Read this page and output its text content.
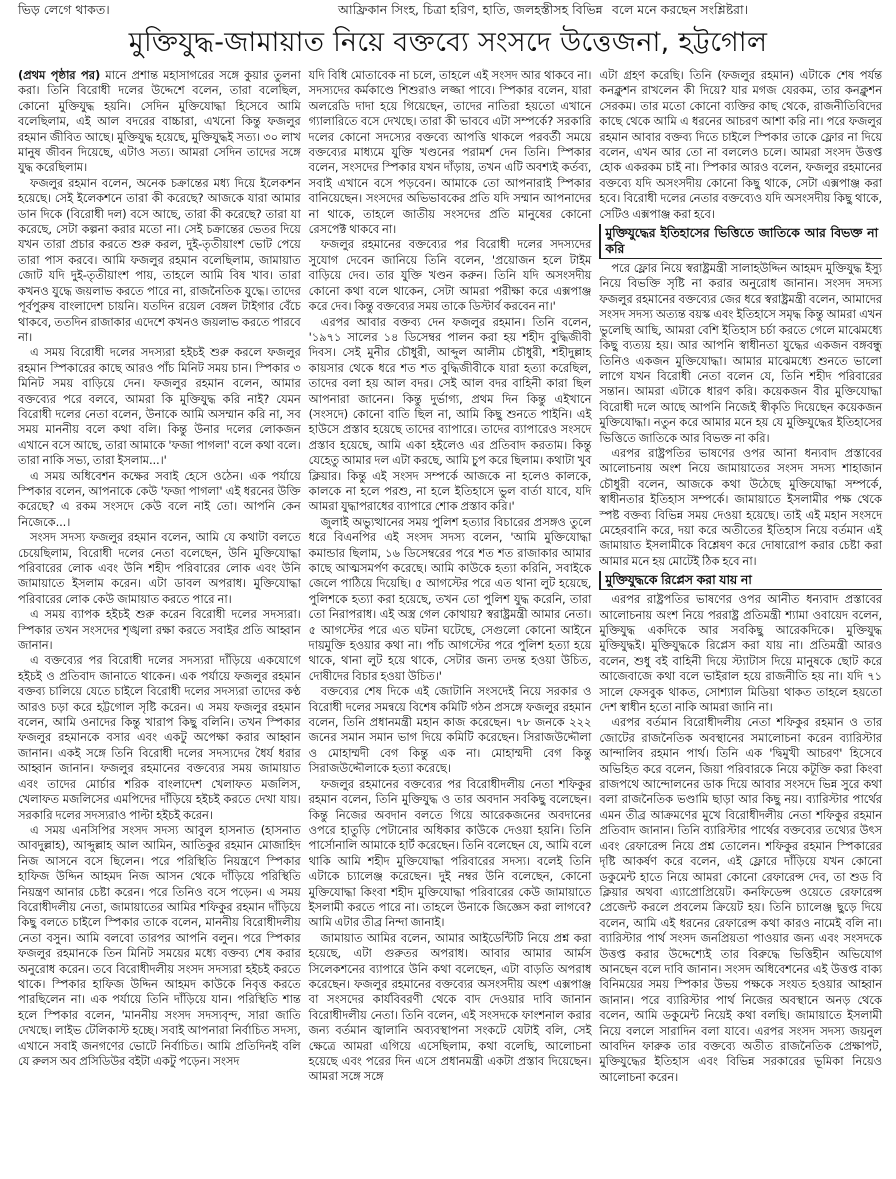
ভিড় লেগে থাকত।	আফ্রিকান সিংহ, চিত্রা হরিণ, হাতি, জলহস্তীসহ বিভিন্ন বলে মনে করছেন সংশ্লিষ্টরা।
মুক্তিযুদ্ধ-জামায়াত নিয়ে বক্তব্যে সংসদে উত্তেজনা, হট্টগোল

(প্রথম পৃষ্ঠার পর) মানে প্রশান্ত মহাসাগরের সঙ্গে কুয়ার তুলনা করা। তিনি বিরোধী দলের উদ্দেশে বলেন, তারা বলেছিল, কোনো মুক্তিযুদ্ধ হয়নি। সেদিন মুক্তিযোদ্ধা হিসেবে আমি বলেছিলাম, এই আল বদরের বাচ্চারা, এখনো কিন্তু ফজলুর রহমান জীবিত আছে। মুক্তিযুদ্ধ হয়েছে, মুক্তিযুদ্ধই সত্য। ৩০ লাখ মানুষ জীবন দিয়েছে, এটাও সত্য। আমরা সেদিন তাদের সঙ্গে যুদ্ধ করেছিলাম।

ফজলুর রহমান বলেন, অনেক চক্রান্তের মধ্য দিয়ে ইলেকশন হয়েছে। সেই ইলেকশনে তারা কী করেছে? আজকে যারা আমার ডান দিকে (বিরোধী দল) বসে আছে, তারা কী করেছে? তারা যা করেছে, সেটা কল্পনা করার মতো না। সেই চক্রান্তের ভেতর দিয়ে যখন তারা প্রচার করতে শুরু করল, দুই-তৃতীয়াংশ ভোট পেয়ে তারা পাস করবে। আমি ফজলুর রহমান বলেছিলাম, জামায়াত জোট যদি দুই-তৃতীয়াংশ পায়, তাহলে আমি বিষ খাব। তারা কখনও যুদ্ধে জয়লাভ করতে পারে না, রাজনৈতিক যুদ্ধে। তাদের পূর্বপুরুষ বাংলাদেশ চায়নি। যতদিন রয়েল বেঙ্গল টাইগার বেঁচে থাকবে, ততদিন রাজাকার এদেশে কখনও জয়লাভ করতে পারবে না।

এ সময় বিরোধী দলের সদস্যরা হইচই শুরু করলে ফজলুর রহমান স্পিকারের কাছে আরও পাঁচ মিনিট সময় চান। স্পিকার ৩ মিনিট সময় বাড়িয়ে দেন। ফজলুর রহমান বলেন, আমার বক্তব্যের পরে বলবে, আমরা কি মুক্তিযুদ্ধ করি নাই? যেমন বিরোধী দলের নেতা বলেন, উনাকে আমি অসম্মান করি না, সব সময় মাননীয় বলে কথা বলি। কিন্তু উনার দলের লোকজন এখানে বসে আছে, তারা আমাকে 'ফজা পাগলা' বলে কথা বলে। তারা নাকি সভ্য, তারা ইসলাম...।'

এ সময় অধিবেশন কক্ষের সবাই হেসে ওঠেন। এক পর্যায়ে স্পিকার বলেন, আপনাকে কেউ 'ফজা পাগলা' এই ধরনের উক্তি করেছে? এ রকম সংসদে কেউ বলে নাই তো। আপনি কেন নিজেকে...।

সংসদ সদস্য ফজলুর রহমান বলেন, আমি যে কথাটা বলতে চেয়েছিলাম, বিরোধী দলের নেতা বলেছেন, উনি মুক্তিযোদ্ধা পরিবারের লোক এবং উনি শহীদ পরিবারের লোক এবং উনি জামায়াতে ইসলাম করেন। এটা ডাবল অপরাধ। মুক্তিযোদ্ধা পরিবারের লোক কেউ জামায়াত করতে পারে না।

এ সময় ব্যাপক হইচই শুরু করেন বিরোধী দলের সদস্যরা। স্পিকার তখন সংসদের শৃঙ্খলা রক্ষা করতে সবাইর প্রতি আহ্বান জানান।

এ বক্তব্যের পর বিরোধী দলের সদস্যরা দাঁড়িয়ে একযোগে হইচই ও প্রতিবাদ জানাতে থাকেন। এক পর্যায়ে ফজলুর রহমান বক্তব্য চালিয়ে যেতে চাইলে বিরোধী দলের সদস্যরা তাদের কণ্ঠ আরও চড়া করে হট্টগোল সৃষ্টি করেন। এ সময় ফজলুর রহমান বলেন, আমি ওনাদের কিন্তু খারাপ কিছু বলিনি। তখন স্পিকার ফজলুর রহমানকে বসার এবং একটু অপেক্ষা করার আহ্বান জানান। একই সঙ্গে তিনি বিরোধী দলের সদস্যদের ধৈর্য ধরার আহ্বান জানান। ফজলুর রহমানের বক্তব্যের সময় জামায়াত এবং তাদের মোর্চার শরিক বাংলাদেশ খেলাফত মজলিস, খেলাফত মজলিসের এমপিদের দাঁড়িয়ে হইচই করতে দেখা যায়। সরকারি দলের সদস্যরাও পাল্টা হইচই করেন।

এ সময় এনসিপির সংসদ সদস্য আবুল হাসনাত (হাসনাত আবদুল্লাহ), আব্দুল্লাহ আল আমিন, আতিকুর রহমান মোজাহিদ নিজ আসনে বসে ছিলেন। পরে পরিস্থিতি নিয়ন্ত্রণে স্পিকার হাফিজ উদ্দিন আহমদ নিজ আসন থেকে দাঁড়িয়ে পরিস্থিতি নিয়ন্ত্রণ আনার চেষ্টা করেন। পরে তিনিও বসে পড়েন। এ সময় বিরোধীদলীয় নেতা, জামায়াতের আমির শফিকুর রহমান দাঁড়িয়ে কিছু বলতে চাইলে স্পিকার তাকে বলেন, মাননীয় বিরোধীদলীয় নেতা বসুন। আমি বলবো তারপর আপনি বলুন। পরে স্পিকার ফজলুর রহমানকে তিন মিনিট সময়ের মধ্যে বক্তব্য শেষ করার অনুরোধ করেন। তবে বিরোধীদলীয় সংসদ সদস্যরা হইচই করতে থাকে। স্পিকার হাফিজ উদ্দিন আহমদ কাউকে নিবৃত্ত করতে পারছিলেন না। এক পর্যায়ে তিনি দাঁড়িয়ে যান। পরিস্থিতি শান্ত হলে স্পিকার বলেন, 'মাননীয় সংসদ সদস্যবৃন্দ, সারা জাতি দেখছে। লাইভ টেলিকাস্ট হচ্ছে। সবাই আপনারা নির্বাচিত সদস্য, এখানে সবাই জনগণের ভোটে নির্বাচিত। আমি প্রতিদিনই বলি যে রুলস অব প্রসিডিউর বইটা একটু পড়েন। সংসদ

যদি বিধি মোতাবেক না চলে, তাহলে এই সংসদ আর থাকবে না। সদস্যদের কর্মকাণ্ডে শিশুরাও লজ্জা পাবে। স্পিকার বলেন, যারা অলরেডি দাদা হয়ে গিয়েছেন, তাদের নাতিরা হয়তো এখানে গ্যালারিতে বসে দেখছে। তারা কী ভাববে এটা সম্পর্কে? সরকারি দলের কোনো সদস্যের বক্তব্যে আপত্তি থাকলে পরবর্তী সময়ে বক্তব্যের মাধ্যমে যুক্তি খণ্ডনের পরামর্শ দেন তিনি। স্পিকার বলেন, সংসদের স্পিকার যখন দাঁড়ায়, তখন এটি অবশ্যই কর্তব্য, সবাই এখানে বসে পড়বেন। আমাকে তো আপনারাই স্পিকার বানিয়েছেন। সংসদের অভিভাবকের প্রতি যদি সম্মান আপনাদের না থাকে, তাহলে জাতীয় সংসদের প্রতি মানুষের কোনো রেসপেক্ট থাকবে না।

ফজলুর রহমানের বক্তব্যের পর বিরোধী দলের সদস্যদের সুযোগ দেবেন জানিয়ে তিনি বলেন, 'প্রয়োজন হলে টাইম বাড়িয়ে দেব। তার যুক্তি খণ্ডন করুন। তিনি যদি অসংসদীয় কোনো কথা বলে থাকেন, সেটা আমরা পরীক্ষা করে এক্সপাঞ্জ করে দেব। কিন্তু বক্তব্যের সময় তাকে ডিস্টার্ব করবেন না।'

এরপর আবার বক্তব্য দেন ফজলুর রহমান। তিনি বলেন, '১৯৭১ সালের ১৪ ডিসেম্বর পালন করা হয় শহীদ বুদ্ধিজীবী দিবস। সেই মুনীর চৌধুরী, আব্দুল আলীম চৌধুরী, শহীদুল্লাহ কায়সার থেকে ধরে শত শত বুদ্ধিজীবীকে যারা হত্যা করেছিল, তাদের বলা হয় আল বদর। সেই আল বদর বাহিনী কারা ছিল আপনারা জানেন। কিন্তু দুর্ভাগ্য, প্রথম দিন কিন্তু এইখানে (সংসদে) কোনো বাতি ছিল না, আমি কিছু শুনতে পাইনি। এই হাউসে প্রস্তাব হয়েছে তাদের ব্যাপারে। তাদের ব্যাপারেও সংসদে প্রস্তাব হয়েছে, আমি একা হইলেও এর প্রতিবাদ করতাম। কিন্তু যেহেতু আমার দল এটা করছে, আমি চুপ করে ছিলাম। কথাটা খুব ক্লিয়ার। কিন্তু এই সংসদ সম্পর্কে আজকে না হলেও কালকে, কালকে না হলে পরশু, না হলে ইতিহাসে ভুল বার্তা যাবে, যদি আমরা যুদ্ধাপরাধের ব্যাপারে শোক প্রস্তাব করি।'

জুলাই অভ্যুত্থানের সময় পুলিশ হত্যার বিচারের প্রসঙ্গও তুলে ধরে বিএনপির এই সংসদ সদস্য বলেন, 'আমি মুক্তিযোদ্ধা কমান্ডার ছিলাম, ১৬ ডিসেম্বরের পরে শত শত রাজাকার আমার কাছে আত্মসমর্পণ করেছে। আমি কাউকে হত্যা করিনি, সবাইকে জেলে পাঠিয়ে দিয়েছি। ৫ আগস্টের পরে এত থানা লুট হয়েছে, পুলিশকে হত্যা করা হয়েছে, তখন তো পুলিশ যুদ্ধ করেনি, তারা তো নিরাপরাধ। এই অস্ত্র গেল কোথায়? স্বরাষ্ট্রমন্ত্রী আমার নেতা। ৫ আগস্টের পরে এত ঘটনা ঘটেছে, সেগুলো কোনো আইনে দায়মুক্তি হওয়ার কথা না। পাঁচ আগস্টের পরে পুলিশ হত্যা হয়ে থাকে, থানা লুট হয়ে থাকে, সেটার জন্য তদন্ত হওয়া উচিত, দোষীদের বিচার হওয়া উচিত।'

বক্তব্যের শেষ দিকে এই জোটানি সংসদেই নিয়ে সরকার ও বিরোধী দলের সমন্বয়ে বিশেষ কমিটি গঠন প্রসঙ্গে ফজলুর রহমান বলেন, তিনি প্রধানমন্ত্রী মহান কাজ করেছেন। ৭৮ জনকে ২২২ জনের সমান সমান ভাগ দিয়ে কমিটি করেছেন। সিরাজউদ্দৌলা ও মোহাম্মদী বেগ কিন্তু এক না। মোহাম্মদী বেগ কিন্তু সিরাজউদ্দৌলাকে হত্যা করেছে।

ফজলুর রহমানের বক্তব্যের পর বিরোধীদলীয় নেতা শফিকুর রহমান বলেন, তিনি মুক্তিযুদ্ধ ও তার অবদান সবকিছু বলেছেন। কিন্তু নিজের অবদান বলতে গিয়ে আরেকজনের অবদানের ওপরে হাতুড়ি পেটানোর অধিকার কাউকে দেওয়া হয়নি। তিনি পার্সোনালি আমাকে হার্ট করেছেন। তিনি বলেছেন যে, আমি বলে থাকি আমি শহীদ মুক্তিযোদ্ধা পরিবারের সদস্য। বলেই তিনি এটাকে চ্যালেঞ্জ করেছেন। দুই নম্বর উনি বলেছেন, কোনো মুক্তিযোদ্ধা কিংবা শহীদ মুক্তিযোদ্ধা পরিবারের কেউ জামায়াতে ইসলামী করতে পারে না। তাহলে উনাকে জিজ্ঞেস করা লাগবে? আমি এটার তীব্র নিন্দা জানাই।

জামায়াত আমির বলেন, আমার আইডেন্টিটি নিয়ে প্রশ্ন করা হয়েছে, এটা গুরুতর অপরাধ। আবার আমার আর্মস সিলেকশনের ব্যাপারে উনি কথা বলেছেন, এটা বাড়তি অপরাধ করেছেন। ফজলুর রহমানের বক্তব্যের অসংসদীয় অংশ এক্সপাঞ্জ বা সংসদের কার্যবিবরণী থেকে বাদ দেওয়ার দাবি জানান বিরোধীদলীয় নেতা। তিনি বলেন, এই সংসদকে ফাংশনাল করার জন্য বর্তমান জ্বালানি অব্যবস্থাপনা সংকটে যেটাই বলি, সেই ক্ষেত্রে আমরা এগিয়ে এসেছিলাম, কথা বলেছি, আলোচনা হয়েছে এবং পরের দিন এসে প্রধানমন্ত্রী একটা প্রস্তাব দিয়েছেন। আমরা সঙ্গে সঙ্গে

এটা গ্রহণ করেছি। তিনি (ফজলুর রহমান) এটাকে শেষ পর্যন্ত কনক্লুশন রাখলেন কী দিয়ে? যার মগজ যেরকম, তার কনক্লুশন সেরকম। তার মতো কোনো ব্যক্তির কাছ থেকে, রাজনীতিবিদের কাছে থেকে আমি এ ধরনের আচরণ আশা করি না। পরে ফজলুর রহমান আবার বক্তব্য দিতে চাইলে স্পিকার তাকে ফ্লোর না দিয়ে বলেন, এখন আর তো না বললেও চলে। আমরা সংসদ উত্তপ্ত হোক একরকম চাই না। স্পিকার আরও বলেন, ফজলুর রহমানের বক্তব্যে যদি অসংসদীয় কোনো কিছু থাকে, সেটা এক্সপাঞ্জ করা হবে। বিরোধী দলের নেতার বক্তব্যেও যদি অসংসদীয় কিছু থাকে, সেটিও এক্সপাঞ্জ করা হবে।

মুক্তিযুদ্ধের ইতিহাসের ভিত্তিতে জাতিকে আর বিভক্ত না করি

পরে ফ্লোর নিয়ে স্বরাষ্ট্রমন্ত্রী সালাহউদ্দিন আহমদ মুক্তিযুদ্ধ ইস্যু নিয়ে বিভক্তি সৃষ্টি না করার অনুরোধ জানান। সংসদ সদস্য ফজলুর রহমানের বক্তব্যের জের ধরে স্বরাষ্ট্রমন্ত্রী বলেন, আমাদের সংসদ সদস্য অত্যন্ত বয়স্ক এবং ইতিহাসে সমৃদ্ধ কিন্তু আমরা এখন ভুলেছি আছি, আমরা বেশি ইতিহাস চর্চা করতে গেলে মাঝেমধ্যে কিছু ব্যত্যয় হয়। আর আপনি স্বাধীনতা যুদ্ধের একজন বঙ্গবন্ধু তিনিও একজন মুক্তিযোদ্ধা। আমার মাঝেমধ্যে শুনতে ভালো লাগে যখন বিরোধী নেতা বলেন যে, তিনি শহীদ পরিবারের সন্তান। আমরা এটাকে ধারণ করি। কয়েকজন বীর মুক্তিযোদ্ধা বিরোধী দলে আছে আপনি নিজেই স্বীকৃতি দিয়েছেন কয়েকজন মুক্তিযোদ্ধা। নতুন করে আমার মনে হয় যে মুক্তিযুদ্ধের ইতিহাসের ভিত্তিতে জাতিকে আর বিভক্ত না করি।

এরপর রাষ্ট্রপতির ভাষণের ওপর আনা ধন্যবাদ প্রস্তাবের আলোচনায় অংশ নিয়ে জামায়াতের সংসদ সদস্য শাহাজান চৌধুরী বলেন, আজকে কথা উঠেছে মুক্তিযোদ্ধা সম্পর্কে, স্বাধীনতার ইতিহাস সম্পর্কে। জামায়াতে ইসলামীর পক্ষ থেকে স্পষ্ট বক্তব্য বিভিন্ন সময় দেওয়া হয়েছে। তাই এই মহান সংসদে মেহেরবানি করে, দয়া করে অতীতের ইতিহাস নিয়ে বর্তমান এই জামায়াত ইসলামীকে বিশ্লেষণ করে দোষারোপ করার চেষ্টা করা আমার মনে হয় মোটেই ঠিক হবে না।

মুক্তিযুদ্ধকে রিপ্লেস করা যায় না

এরপর রাষ্ট্রপতির ভাষণের ওপর আনীত ধন্যবাদ প্রস্তাবের আলোচনায় অংশ নিয়ে পররাষ্ট্র প্রতিমন্ত্রী শ্যামা ওবায়েদ বলেন, মুক্তিযুদ্ধ একদিকে আর সবকিছু আরেকদিকে। মুক্তিযুদ্ধ মুক্তিযুদ্ধই। মুক্তিযুদ্ধকে রিপ্লেস করা যায় না। প্রতিমন্ত্রী আরও বলেন, শুধু বই বাহিনী দিয়ে স্ট্যাটাস দিয়ে মানুষকে ছোট করে আজেবাজে কথা বলে ভাইরাল হয়ে রাজনীতি হয় না। যদি ৭১ সালে ফেসবুক থাকত, সোশ্যাল মিডিয়া থাকত তাহলে হয়তো দেশ স্বাধীন হতো নাকি আমরা জানি না।

এরপর বর্তমান বিরোধীদলীয় নেতা শফিকুর রহমান ও তার জোটের রাজনৈতিক অবস্থানের সমালোচনা করেন ব্যারিস্টার আন্দালিব রহমান পার্থ। তিনি এক 'দ্বিমুখী আচরণ' হিসেবে অভিহিত করে বলেন, জিয়া পরিবারকে নিয়ে কটূক্তি করা কিংবা রাজপথে আন্দোলনের ডাক দিয়ে আবার সংসদে ভিন্ন সুরে কথা বলা রাজনৈতিক ভণ্ডামি ছাড়া আর কিছু নয়। ব্যারিস্টার পার্থের এমন তীব্র আক্রমণের মুখে বিরোধীদলীয় নেতা শফিকুর রহমান প্রতিবাদ জানান। তিনি ব্যারিস্টার পার্থের বক্তব্যের তথ্যের উৎস এবং রেফারেন্স নিয়ে প্রশ্ন তোলেন। শফিকুর রহমান স্পিকারের দৃষ্টি আকর্ষণ করে বলেন, এই ফ্লোরে দাঁড়িয়ে যখন কোনো ডকুমেন্ট হাতে নিয়ে আমরা কোনো রেফারেন্স দেব, তা শুড বি ক্লিয়ার অথবা এ্যাপ্রোপ্রিয়েট। কনফিডেন্স ওয়েতে রেফারেন্স প্রেজেন্ট করলে প্রবলেম ক্রিয়েট হয়। তিনি চ্যালেঞ্জ ছুড়ে দিয়ে বলেন, আমি এই ধরনের রেফারেন্স কথা কারও নামেই বলি না। ব্যারিস্টার পার্থ সংসদ জনপ্রিয়তা পাওয়ার জন্য এবং সংসদকে উত্তপ্ত করার উদ্দেশ্যেই তার বিরুদ্ধে ভিত্তিহীন অভিযোগ আনছেন বলে দাবি জানান। সংসদ অধিবেশনের এই উত্তপ্ত বাক্য বিনিময়ের সময় স্পিকার উভয় পক্ষকে সংযত হওয়ার আহ্বান জানান। পরে ব্যারিস্টার পার্থ নিজের অবস্থানে অনড় থেকে বলেন, আমি ডকুমেন্ট নিয়েই কথা বলছি। জামায়াতে ইসলামী নিয়ে বললে সারাদিন বলা যাবে। এরপর সংসদ সদস্য জয়নুল আবদিন ফারুক তার বক্তব্যে অতীত রাজনৈতিক প্রেক্ষাপট, মুক্তিযুদ্ধের ইতিহাস এবং বিভিন্ন সরকারের ভূমিকা নিয়েও আলোচনা করেন।
